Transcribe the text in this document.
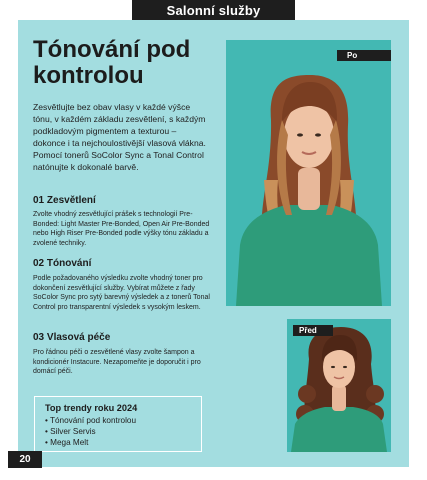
Salonní služby
Tónování pod kontrolou

Zesvětlujte bez obav vlasy v každé výšce tónu, v každém základu zesvětlení, s každým podkladovým pigmentem a texturou – dokonce i ta nejchoulostivější vlasová vlákna. Pomocí tonerů SoColor Sync a Tonal Control natónujte k dokonalé barvě.

01 Zesvětlení

Zvolte vhodný zesvětlující prášek s technologií Pre-Bonded: Light Master Pre-Bonded, Open Air Pre-Bonded nebo High Riser Pre-Bonded podle výšky tónu základu a zvolené techniky.

02 Tónování

Podle požadovaného výsledku zvolte vhodný toner pro dokončení zesvětlující služby. Vybírat můžete z řady SoColor Sync pro sytý barevný výsledek a z tonerů Tonal Control pro transparentní výsledek s vysokým leskem.

03 Vlasová péče

Pro řádnou péči o zesvětlené vlasy zvolte šampon a kondicionér Instacure. Nezapomeňte je doporučit i pro domácí péči.

Top trendy roku 2024

• Tónování pod kontrolou
• Silver Servis
• Mega Melt
Po
Před
20
